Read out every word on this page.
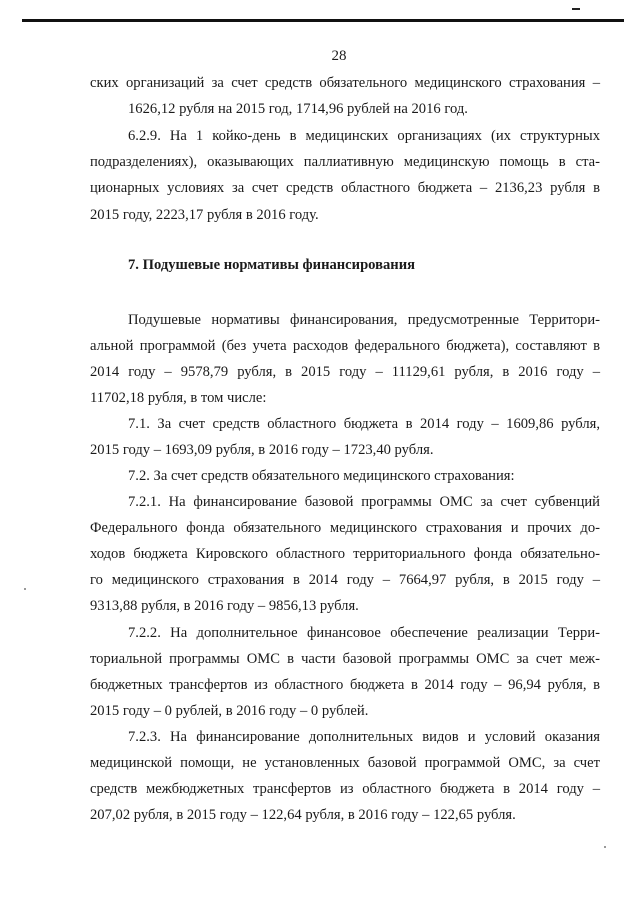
28
ских организаций за счет средств обязательного медицинского страхования –
1626,12 рубля на 2015 год, 1714,96 рублей на 2016 год.
6.2.9. На 1 койко-день в медицинских организациях (их структурных
подразделениях), оказывающих паллиативную медицинскую помощь в ста-
ционарных условиях за счет средств областного бюджета – 2136,23 рубля в
2015 году, 2223,17 рубля в 2016 году.
7. Подушевые нормативы финансирования
Подушевые нормативы финансирования, предусмотренные Территори-
альной программой (без учета расходов федерального бюджета), составляют в
2014 году – 9578,79 рубля, в 2015 году – 11129,61 рубля, в 2016 году –
11702,18 рубля, в том числе:
7.1. За счет средств областного бюджета в 2014 году – 1609,86 рубля,
2015 году – 1693,09 рубля, в 2016 году – 1723,40 рубля.
7.2. За счет средств обязательного медицинского страхования:
7.2.1. На финансирование базовой программы ОМС за счет субвенций
Федерального фонда обязательного медицинского страхования и прочих до-
ходов бюджета Кировского областного территориального фонда обязательно-
го медицинского страхования в 2014 году – 7664,97 рубля, в 2015 году –
9313,88 рубля, в 2016 году – 9856,13 рубля.
7.2.2. На дополнительное финансовое обеспечение реализации Терри-
ториальной программы ОМС в части базовой программы ОМС за счет меж-
бюджетных трансфертов из областного бюджета в 2014 году – 96,94 рубля, в
2015 году – 0 рублей, в 2016 году – 0 рублей.
7.2.3. На финансирование дополнительных видов и условий оказания
медицинской помощи, не установленных базовой программой ОМС, за счет
средств межбюджетных трансфертов из областного бюджета в 2014 году –
207,02 рубля, в 2015 году – 122,64 рубля, в 2016 году – 122,65 рубля.
